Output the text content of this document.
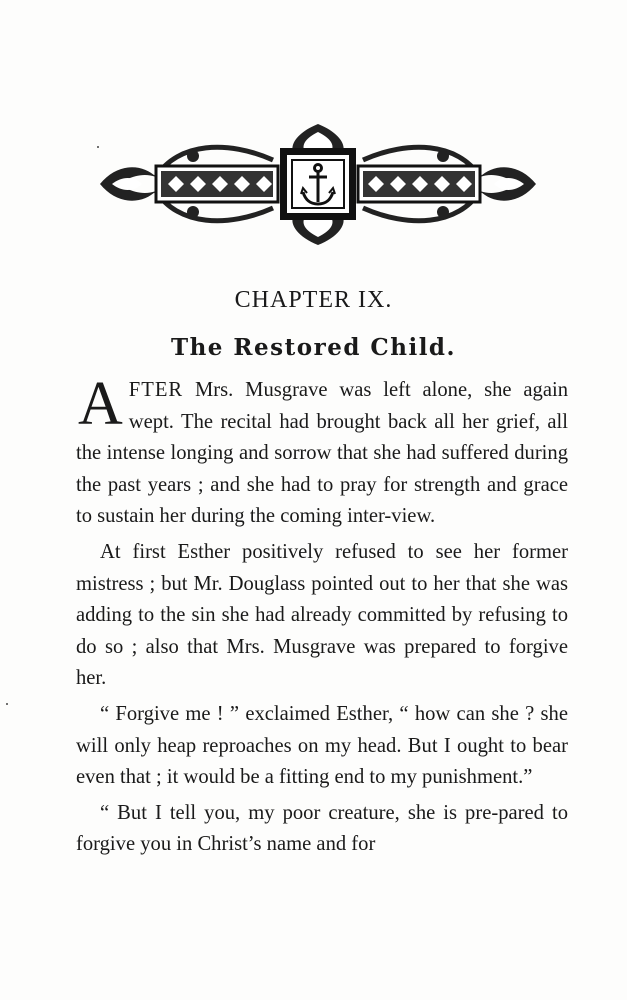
CHAPTER IX.
The Restored Child.

AFTER Mrs. Musgrave was left alone, she again wept. The recital had brought back all her grief, all the intense longing and sorrow that she had suffered during the past years ; and she had to pray for strength and grace to sustain her during the coming inter-view.

At first Esther positively refused to see her former mistress ; but Mr. Douglass pointed out to her that she was adding to the sin she had already committed by refusing to do so ; also that Mrs. Musgrave was prepared to forgive her.

“ Forgive me ! ” exclaimed Esther, “ how can she ? she will only heap reproaches on my head. But I ought to bear even that ; it would be a fitting end to my punishment.”

“ But I tell you, my poor creature, she is pre-pared to forgive you in Christ’s name and for
